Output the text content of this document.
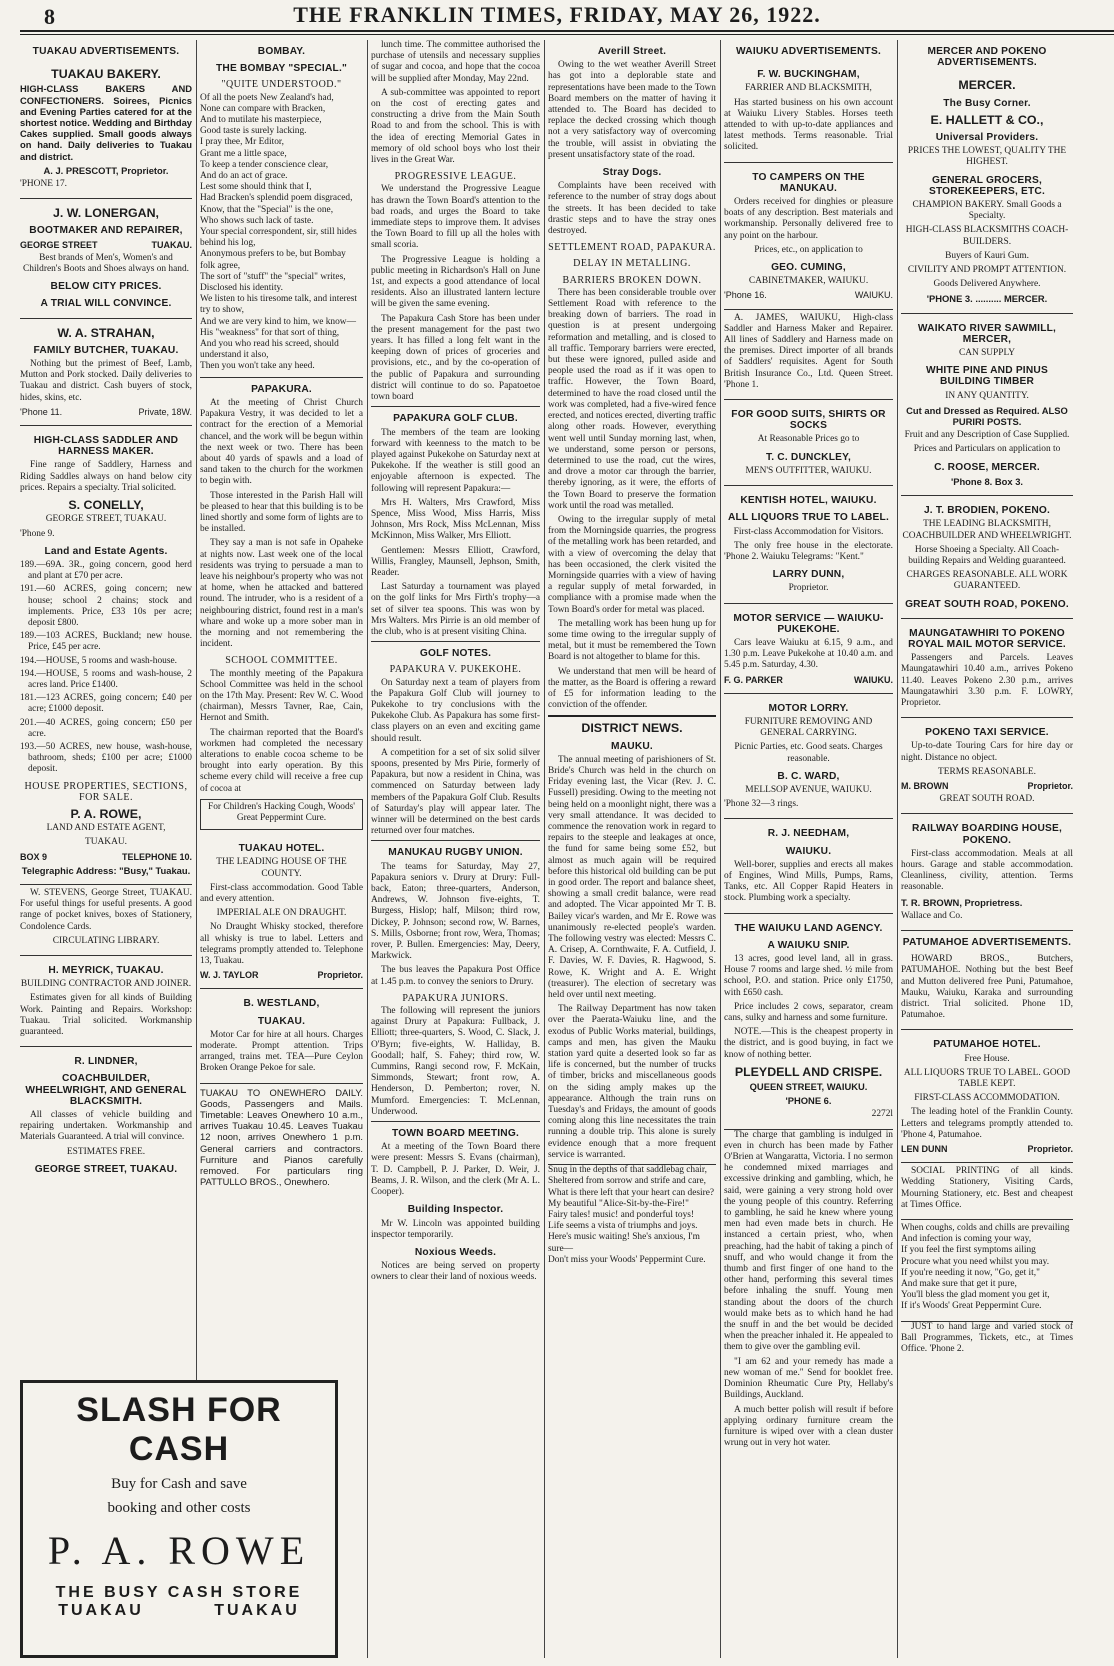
8	THE FRANKLIN TIMES, FRIDAY, MAY 26, 1922.
TUAKAU ADVERTISEMENTS.
TUAKAU BAKERY.

HIGH-CLASS BAKERS AND CONFECTIONERS. Soirees, Picnics and Evening Parties catered for at the shortest notice. Wedding and Birthday Cakes supplied. Small goods always on hand. Daily deliveries to Tuakau and district.

A. J. PRESCOTT, Proprietor.

'PHONE 17.

J. W. LONERGAN,
BOOTMAKER AND REPAIRER,
GEORGE STREET	TUAKAU.

Best brands of Men's, Women's and Children's Boots and Shoes always on hand.

BELOW CITY PRICES.
A TRIAL WILL CONVINCE.
W. A. STRAHAN,
FAMILY BUTCHER, TUAKAU.

Nothing but the primest of Beef, Lamb, Mutton and Pork stocked. Daily deliveries to Tuakau and district. Cash buyers of stock, hides, skins, etc.

'Phone 11.	Private, 18W.
HIGH-CLASS SADDLER AND HARNESS MAKER.

Fine range of Saddlery, Harness and Riding Saddles always on hand below city prices. Repairs a specialty. Trial solicited.

S. CONELLY,

GEORGE STREET, TUAKAU.

'Phone 9.

Land and Estate Agents.
189.—69A. 3R., going concern, good herd and plant at £70 per acre.
191.—60 ACRES, going concern; new house; school 2 chains; stock and implements. Price, £33 10s per acre; deposit £800.
189.—103 ACRES, Buckland; new house. Price, £45 per acre.
194.—HOUSE, 5 rooms and wash-house.
194.—HOUSE, 5 rooms and wash-house, 2 acres land. Price £1400.
181.—123 ACRES, going concern; £40 per acre; £1000 deposit.
201.—40 ACRES, going concern; £50 per acre.
193.—50 ACRES, new house, wash-house, bathroom, sheds; £100 per acre; £1000 deposit.
HOUSE PROPERTIES, SECTIONS, FOR SALE.
P. A. ROWE,

LAND AND ESTATE AGENT,

TUAKAU.

BOX 9	TELEPHONE 10.

Telegraphic Address: "Busy," Tuakau.

W. STEVENS, George Street, TUAKAU. For useful things for useful presents. A good range of pocket knives, boxes of Stationery, Condolence Cards.

CIRCULATING LIBRARY.

H. MEYRICK, TUAKAU.

BUILDING CONTRACTOR AND JOINER.

Estimates given for all kinds of Building Work. Painting and Repairs. Workshop: Tuakau. Trial solicited. Workmanship guaranteed.

R. LINDNER,
COACHBUILDER, WHEELWRIGHT, AND GENERAL BLACKSMITH.

All classes of vehicle building and repairing undertaken. Workmanship and Materials Guaranteed. A trial will convince.

ESTIMATES FREE.

GEORGE STREET, TUAKAU.
SLASH FOR CASH
Buy for Cash and save
booking and other costs
P. A. ROWE
THE BUSY CASH STORE
TUAKAU	TUAKAU
BOMBAY.
THE BOMBAY "SPECIAL."
"QUITE UNDERSTOOD."

Of all the poets New Zealand's had,
None can compare with Bracken,
And to mutilate his masterpiece,
Good taste is surely lacking.
I pray thee, Mr Editor,
Grant me a little space,
To keep a tender conscience clear,
And do an act of grace.
Lest some should think that I,
Had Bracken's splendid poem disgraced,
Know, that the "Special" is the one,
Who shows such lack of taste.
Your special correspondent, sir, still hides behind his log,
Anonymous prefers to be, but Bombay folk agree,
The sort of "stuff" the "special" writes,
Disclosed his identity.
We listen to his tiresome talk, and interest try to show,
And we are very kind to him, we know—
His "weakness" for that sort of thing,
And you who read his screed, should understand it also,
Then you won't take any heed.

PAPAKURA.

At the meeting of Christ Church Papakura Vestry, it was decided to let a contract for the erection of a Memorial chancel, and the work will be begun within the next week or two. There has been about 40 yards of spawls and a load of sand taken to the church for the workmen to begin with.

Those interested in the Parish Hall will be pleased to hear that this building is to be lined shortly and some form of lights are to be installed.

They say a man is not safe in Opaheke at nights now. Last week one of the local residents was trying to persuade a man to leave his neighbour's property who was not at home, when he attacked and battered round. The intruder, who is a resident of a neighbouring district, found rest in a man's whare and woke up a more sober man in the morning and not remembering the incident.

SCHOOL COMMITTEE.

The monthly meeting of the Papakura School Committee was held in the school on the 17th May. Present: Rev W. C. Wood (chairman), Messrs Tavner, Rae, Cain, Hernot and Smith.

The chairman reported that the Board's workmen had completed the necessary alterations to enable cocoa scheme to be brought into early operation. By this scheme every child will receive a free cup of cocoa at

For Children's Hacking Cough, Woods' Great Peppermint Cure.

TUAKAU HOTEL.

THE LEADING HOUSE OF THE COUNTY.

First-class accommodation. Good Table and every attention.

IMPERIAL ALE ON DRAUGHT.

No Draught Whisky stocked, therefore all whisky is true to label. Letters and telegrams promptly attended to. Telephone 13, Tuakau.

W. J. TAYLOR	Proprietor.
B. WESTLAND,
TUAKAU.

Motor Car for hire at all hours. Charges moderate. Prompt attention. Trips arranged, trains met. TEA—Pure Ceylon Broken Orange Pekoe for sale.

TUAKAU TO ONEWHERO DAILY. Goods, Passengers and Mails. Timetable: Leaves Onewhero 10 a.m., arrives Tuakau 10.45. Leaves Tuakau 12 noon, arrives Onewhero 1 p.m. General carriers and contractors. Furniture and Pianos carefully removed. For particulars ring PATTULLO BROS., Onewhero.

lunch time. The committee authorised the purchase of utensils and necessary supplies of sugar and cocoa, and hope that the cocoa will be supplied after Monday, May 22nd.

A sub-committee was appointed to report on the cost of erecting gates and constructing a drive from the Main South Road to and from the school. This is with the idea of erecting Memorial Gates in memory of old school boys who lost their lives in the Great War.

PROGRESSIVE LEAGUE.

We understand the Progressive League has drawn the Town Board's attention to the bad roads, and urges the Board to take immediate steps to improve them. It advises the Town Board to fill up all the holes with small scoria.

The Progressive League is holding a public meeting in Richardson's Hall on June 1st, and expects a good attendance of local residents. Also an illustrated lantern lecture will be given the same evening.

The Papakura Cash Store has been under the present management for the past two years. It has filled a long felt want in the keeping down of prices of groceries and provisions, etc., and by the co-operation of the public of Papakura and surrounding district will continue to do so. Papatoetoe town board

PAPAKURA GOLF CLUB.

The members of the team are looking forward with keenness to the match to be played against Pukekohe on Saturday next at Pukekohe. If the weather is still good an enjoyable afternoon is expected. The following will represent Papakura:—

Mrs H. Walters, Mrs Crawford, Miss Spence, Miss Wood, Miss Harris, Miss Johnson, Mrs Rock, Miss McLennan, Miss McKinnon, Miss Walker, Mrs Elliott.

Gentlemen: Messrs Elliott, Crawford, Willis, Frangley, Maunsell, Jephson, Smith, Reader.

Last Saturday a tournament was played on the golf links for Mrs Firth's trophy—a set of silver tea spoons. This was won by Mrs Walters. Mrs Pirrie is an old member of the club, who is at present visiting China.

GOLF NOTES.
PAPAKURA V. PUKEKOHE.

On Saturday next a team of players from the Papakura Golf Club will journey to Pukekohe to try conclusions with the Pukekohe Club. As Papakura has some first-class players on an even and exciting game should result.

A competition for a set of six solid silver spoons, presented by Mrs Pirie, formerly of Papakura, but now a resident in China, was commenced on Saturday between lady members of the Papakura Golf Club. Results of Saturday's play will appear later. The winner will be determined on the best cards returned over four matches.

MANUKAU RUGBY UNION.

The teams for Saturday, May 27, Papakura seniors v. Drury at Drury: Full-back, Eaton; three-quarters, Anderson, Andrews, W. Johnson five-eights, T. Burgess, Hislop; half, Milson; third row, Dickey, P. Johnson; second row, W. Barnes, S. Mills, Osborne; front row, Wera, Thomas; rover, P. Bullen. Emergencies: May, Deery, Markwick.

The bus leaves the Papakura Post Office at 1.45 p.m. to convey the seniors to Drury.

PAPAKURA JUNIORS.

The following will represent the juniors against Drury at Papakura: Fullback, J. Elliott; three-quarters, S. Wood, C. Slack, J. O'Byrn; five-eights, W. Halliday, B. Goodall; half, S. Fahey; third row, W. Cummins, Rangi second row, F. McKain, Simmonds, Stewart; front row, A. Henderson, D. Pemberton; rover, N. Mumford. Emergencies: T. McLennan, Underwood.

TOWN BOARD MEETING.

At a meeting of the Town Board there were present: Messrs S. Evans (chairman), T. D. Campbell, P. J. Parker, D. Weir, J. Beams, J. R. Wilson, and the clerk (Mr A. L. Cooper).

Building Inspector.

Mr W. Lincoln was appointed building inspector temporarily.

Noxious Weeds.

Notices are being served on property owners to clear their land of noxious weeds.

Averill Street.

Owing to the wet weather Averill Street has got into a deplorable state and representations have been made to the Town Board members on the matter of having it attended to. The Board has decided to replace the decked crossing which though not a very satisfactory way of overcoming the trouble, will assist in obviating the present unsatisfactory state of the road.

Stray Dogs.

Complaints have been received with reference to the number of stray dogs about the streets. It has been decided to take drastic steps and to have the stray ones destroyed.

SETTLEMENT ROAD, PAPAKURA.
DELAY IN METALLING.
BARRIERS BROKEN DOWN.

There has been considerable trouble over Settlement Road with reference to the breaking down of barriers. The road in question is at present undergoing reformation and metalling, and is closed to all traffic. Temporary barriers were erected, but these were ignored, pulled aside and people used the road as if it was open to traffic. However, the Town Board, determined to have the road closed until the work was completed, had a five-wired fence erected, and notices erected, diverting traffic along other roads. However, everything went well until Sunday morning last, when, we understand, some person or persons, determined to use the road, cut the wires, and drove a motor car through the barrier, thereby ignoring, as it were, the efforts of the Town Board to preserve the formation work until the road was metalled.

Owing to the irregular supply of metal from the Morningside quarries, the progress of the metalling work has been retarded, and with a view of overcoming the delay that has been occasioned, the clerk visited the Morningside quarries with a view of having a regular supply of metal forwarded, in compliance with a promise made when the Town Board's order for metal was placed.

The metalling work has been hung up for some time owing to the irregular supply of metal, but it must be remembered the Town Board is not altogether to blame for this.

We understand that men will be heard of the matter, as the Board is offering a reward of £5 for information leading to the conviction of the offender.

DISTRICT NEWS.
MAUKU.

The annual meeting of parishioners of St. Bride's Church was held in the church on Friday evening last, the Vicar (Rev. J. C. Fussell) presiding. Owing to the meeting not being held on a moonlight night, there was a very small attendance. It was decided to commence the renovation work in regard to repairs to the steeple and leakages at once, the fund for same being some £52, but almost as much again will be required before this historical old building can be put in good order. The report and balance sheet, showing a small credit balance, were read and adopted. The Vicar appointed Mr T. B. Bailey vicar's warden, and Mr E. Rowe was unanimously re-elected people's warden. The following vestry was elected: Messrs C. A. Crisep, A. Cornthwaite, F. A. Cutfield, J. F. Davies, W. F. Davies, R. Hagwood, S. Rowe, K. Wright and A. E. Wright (treasurer). The election of secretary was held over until next meeting.

The Railway Department has now taken over the Paerata-Waiuku line, and the exodus of Public Works material, buildings, camps and men, has given the Mauku station yard quite a deserted look so far as life is concerned, but the number of trucks of timber, bricks and miscellaneous goods on the siding amply makes up the appearance. Although the train runs on Tuesday's and Fridays, the amount of goods coming along this line necessitates the train running a double trip. This alone is surely evidence enough that a more frequent service is warranted.

Snug in the depths of that saddlebag chair,
Sheltered from sorrow and strife and care,
What is there left that your heart can desire?
My beautiful "Alice-Sit-by-the-Fire!"
Fairy tales! music! and ponderful toys!
Life seems a vista of triumphs and joys.
Here's music waiting! She's anxious, I'm sure—
Don't miss your Woods' Peppermint Cure.

WAIUKU ADVERTISEMENTS.
F. W. BUCKINGHAM,

FARRIER AND BLACKSMITH,

Has started business on his own account at Waiuku Livery Stables. Horses teeth attended to with up-to-date appliances and latest methods. Terms reasonable. Trial solicited.

TO CAMPERS ON THE MANUKAU.

Orders received for dinghies or pleasure boats of any description. Best materials and workmanship. Personally delivered free to any point on the harbour.

Prices, etc., on application to

GEO. CUMING,

CABINETMAKER, WAIUKU.

'Phone 16.	WAIUKU.

A. JAMES, WAIUKU, High-class Saddler and Harness Maker and Repairer. All lines of Saddlery and Harness made on the premises. Direct importer of all brands of Saddlers' requisites. Agent for South British Insurance Co., Ltd. Queen Street. 'Phone 1.

FOR GOOD SUITS, SHIRTS OR SOCKS

At Reasonable Prices go to

T. C. DUNCKLEY,

MEN'S OUTFITTER, WAIUKU.

KENTISH HOTEL, WAIUKU.
ALL LIQUORS TRUE TO LABEL.

First-class Accommodation for Visitors.

The only free house in the electorate. 'Phone 2. Waiuku Telegrams: "Kent."

LARRY DUNN,

Proprietor.

MOTOR SERVICE — WAIUKU-PUKEKOHE.

Cars leave Waiuku at 6.15, 9 a.m., and 1.30 p.m. Leave Pukekohe at 10.40 a.m. and 5.45 p.m. Saturday, 4.30.

F. G. PARKER	WAIUKU.
MOTOR LORRY.

FURNITURE REMOVING AND GENERAL CARRYING.

Picnic Parties, etc. Good seats. Charges reasonable.

B. C. WARD,

MELLSOP AVENUE, WAIUKU.

'Phone 32—3 rings.

R. J. NEEDHAM,
WAIUKU.

Well-borer, supplies and erects all makes of Engines, Wind Mills, Pumps, Rams, Tanks, etc. All Copper Rapid Heaters in stock. Plumbing work a specialty.

THE WAIUKU LAND AGENCY.
A WAIUKU SNIP.

13 acres, good level land, all in grass. House 7 rooms and large shed. ½ mile from school, P.O. and station. Price only £1750, with £650 cash.

Price includes 2 cows, separator, cream cans, sulky and harness and some furniture.

NOTE.—This is the cheapest property in the district, and is good buying, in fact we know of nothing better.

PLEYDELL AND CRISPE.

QUEEN STREET, WAIUKU.

'PHONE 6.

2272l

The charge that gambling is indulged in even in church has been made by Father O'Brien at Wangaratta, Victoria. I no sermon he condemned mixed marriages and excessive drinking and gambling, which, he said, were gaining a very strong hold over the young people of this country. Referring to gambling, he said he knew where young men had even made bets in church. He instanced a certain priest, who, when preaching, had the habit of taking a pinch of snuff, and who would change it from the thumb and first finger of one hand to the other hand, performing this several times before inhaling the snuff. Young men standing about the doors of the church would make bets as to which hand he had the snuff in and the bet would be decided when the preacher inhaled it. He appealed to them to give over the gambling evil.

"I am 62 and your remedy has made a new woman of me." Send for booklet free. Dominion Rheumatic Cure Pty, Hellaby's Buildings, Auckland.

A much better polish will result if before applying ordinary furniture cream the furniture is wiped over with a clean duster wrung out in very hot water.

MERCER AND POKENO ADVERTISEMENTS.
MERCER.
The Busy Corner.
E. HALLETT & CO.,
Universal Providers.

PRICES THE LOWEST, QUALITY THE HIGHEST.

GENERAL GROCERS, STOREKEEPERS, ETC.

CHAMPION BAKERY. Small Goods a Specialty.

HIGH-CLASS BLACKSMITHS COACH-BUILDERS.

Buyers of Kauri Gum.

CIVILITY AND PROMPT ATTENTION.

Goods Delivered Anywhere.

'PHONE 3. .......... MERCER.

WAIKATO RIVER SAWMILL, MERCER,

CAN SUPPLY

WHITE PINE AND PINUS BUILDING TIMBER

IN ANY QUANTITY.

Cut and Dressed as Required. ALSO PURIRI POSTS.

Fruit and any Description of Case Supplied.

Prices and Particulars on application to

C. ROOSE, MERCER.

'Phone 8. Box 3.

J. T. BRODIEN, POKENO.

THE LEADING BLACKSMITH, COACHBUILDER AND WHEELWRIGHT.

Horse Shoeing a Specialty. All Coach-building Repairs and Welding guaranteed.

CHARGES REASONABLE. ALL WORK GUARANTEED.

GREAT SOUTH ROAD, POKENO.
MAUNGATAWHIRI TO POKENO ROYAL MAIL MOTOR SERVICE.

Passengers and Parcels. Leaves Maungatawhiri 10.40 a.m., arrives Pokeno 11.40. Leaves Pokeno 2.30 p.m., arrives Maungatawhiri 3.30 p.m. F. LOWRY, Proprietor.

POKENO TAXI SERVICE.

Up-to-date Touring Cars for hire day or night. Distance no object.

TERMS REASONABLE.

M. BROWN	Proprietor.

GREAT SOUTH ROAD.

RAILWAY BOARDING HOUSE, POKENO.

First-class accommodation. Meals at all hours. Garage and stable accommodation. Cleanliness, civility, attention. Terms reasonable.

T. R. BROWN, Proprietress.

Wallace and Co.

PATUMAHOE ADVERTISEMENTS.

HOWARD BROS., Butchers, PATUMAHOE. Nothing but the best Beef and Mutton delivered free Puni, Patumahoe, Mauku, Waiuku, Karaka and surrounding district. Trial solicited. Phone 1D, Patumahoe.

PATUMAHOE HOTEL.

Free House.

ALL LIQUORS TRUE TO LABEL. GOOD TABLE KEPT.

FIRST-CLASS ACCOMMODATION.

The leading hotel of the Franklin County. Letters and telegrams promptly attended to. 'Phone 4, Patumahoe.

LEN DUNN	Proprietor.

SOCIAL PRINTING of all kinds. Wedding Stationery, Visiting Cards, Mourning Stationery, etc. Best and cheapest at Times Office.

When coughs, colds and chills are prevailing
And infection is coming your way,
If you feel the first symptoms ailing
Procure what you need whilst you may.
If you're needing it now, "Go, get it,"
And make sure that get it pure,
You'll bless the glad moment you get it,
If it's Woods' Great Peppermint Cure.

JUST to hand large and varied stock of Ball Programmes, Tickets, etc., at Times Office. 'Phone 2.
